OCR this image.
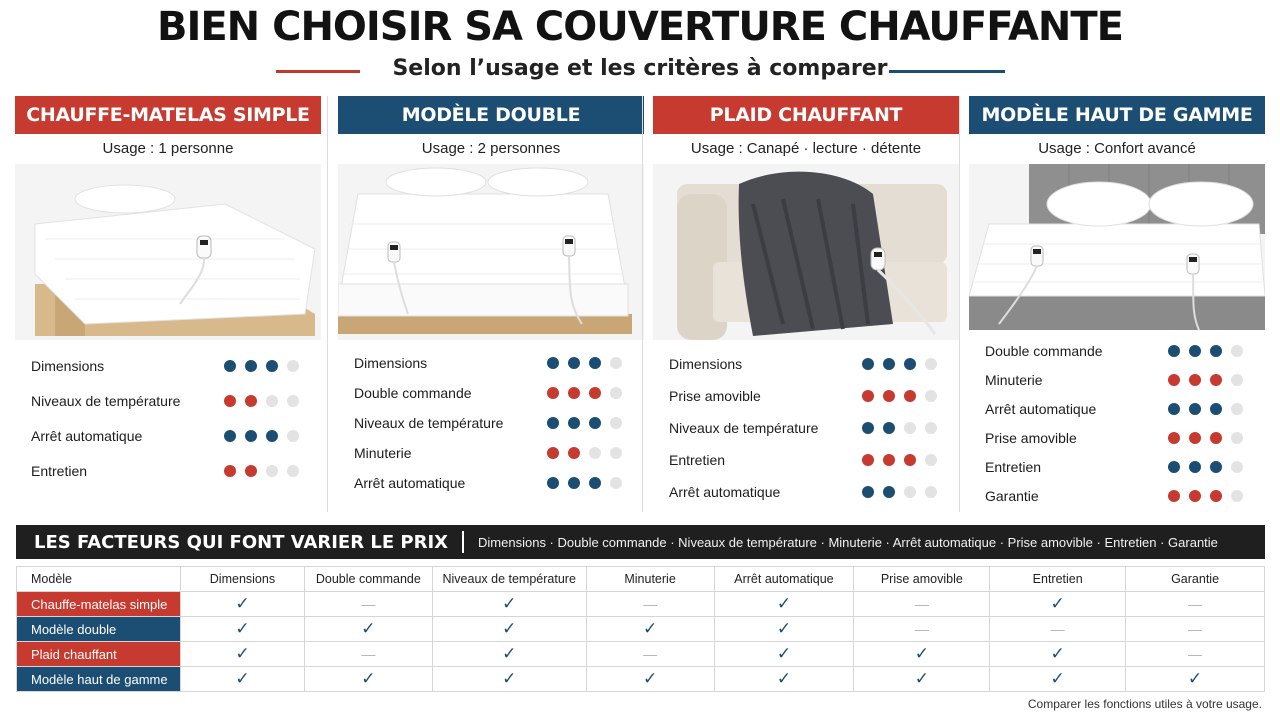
BIEN CHOISIR SA COUVERTURE CHAUFFANTE
Selon l’usage et les critères à comparer
CHAUFFE-MATELAS SIMPLE
Usage : 1 personne
Dimensions
Niveaux de température
Arrêt automatique
Entretien
MODÈLE DOUBLE
Usage : 2 personnes
Dimensions
Double commande
Niveaux de température
Minuterie
Arrêt automatique
PLAID CHAUFFANT
Usage : Canapé · lecture · détente
Dimensions
Prise amovible
Niveaux de température
Entretien
Arrêt automatique
MODÈLE HAUT DE GAMME
Usage : Confort avancé
Double commande
Minuterie
Arrêt automatique
Prise amovible
Entretien
Garantie
LES FACTEURS QUI FONT VARIER LE PRIX	Dimensions · Double commande · Niveaux de température · Minuterie · Arrêt automatique · Prise amovible · Entretien · Garantie
Modèle	Dimensions	Double commande	Niveaux de température	Minuterie	Arrêt automatique	Prise amovible	Entretien	Garantie
Chauffe-matelas simple	✓	—	✓	—	✓	—	✓	—
Modèle double	✓	✓	✓	✓	✓	—	—	—
Plaid chauffant	✓	—	✓	—	✓	✓	✓	—
Modèle haut de gamme	✓	✓	✓	✓	✓	✓	✓	✓
Comparer les fonctions utiles à votre usage.
